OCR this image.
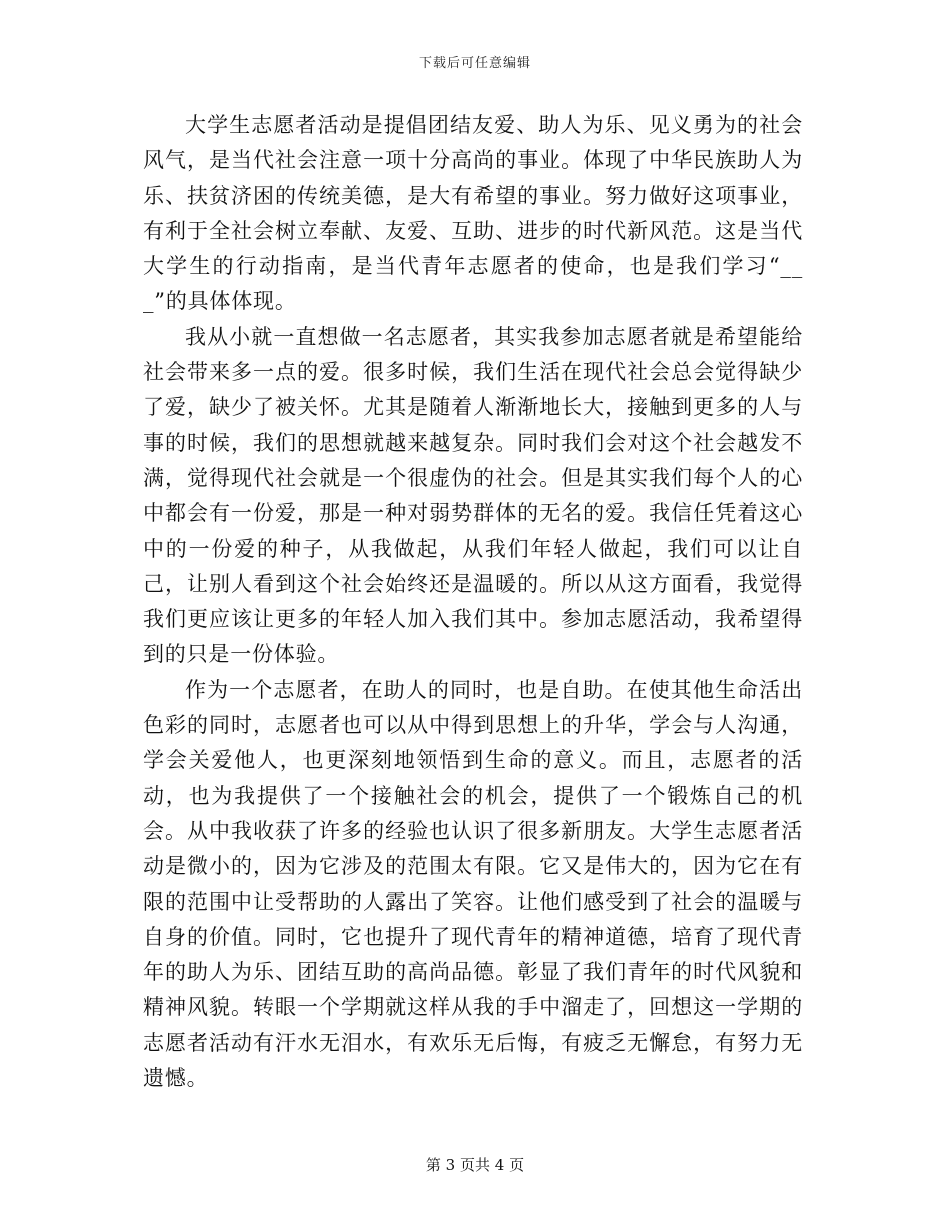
下载后可任意编辑

大学生志愿者活动是提倡团结友爱、助人为乐、见义勇为的社会风气，是当代社会注意一项十分高尚的事业。体现了中华民族助人为乐、扶贫济困的传统美德，是大有希望的事业。努力做好这项事业，有利于全社会树立奉献、友爱、互助、进步的时代新风范。这是当代大学生的行动指南，是当代青年志愿者的使命，也是我们学习“___”的具体体现。

我从小就一直想做一名志愿者，其实我参加志愿者就是希望能给社会带来多一点的爱。很多时候，我们生活在现代社会总会觉得缺少了爱，缺少了被关怀。尤其是随着人渐渐地长大，接触到更多的人与事的时候，我们的思想就越来越复杂。同时我们会对这个社会越发不满，觉得现代社会就是一个很虚伪的社会。但是其实我们每个人的心中都会有一份爱，那是一种对弱势群体的无名的爱。我信任凭着这心中的一份爱的种子，从我做起，从我们年轻人做起，我们可以让自己，让别人看到这个社会始终还是温暖的。所以从这方面看，我觉得我们更应该让更多的年轻人加入我们其中。参加志愿活动，我希望得到的只是一份体验。

作为一个志愿者，在助人的同时，也是自助。在使其他生命活出色彩的同时，志愿者也可以从中得到思想上的升华，学会与人沟通，学会关爱他人，也更深刻地领悟到生命的意义。而且，志愿者的活动，也为我提供了一个接触社会的机会，提供了一个锻炼自己的机会。从中我收获了许多的经验也认识了很多新朋友。大学生志愿者活动是微小的，因为它涉及的范围太有限。它又是伟大的，因为它在有限的范围中让受帮助的人露出了笑容。让他们感受到了社会的温暖与自身的价值。同时，它也提升了现代青年的精神道德，培育了现代青年的助人为乐、团结互助的高尚品德。彰显了我们青年的时代风貌和精神风貌。转眼一个学期就这样从我的手中溜走了，回想这一学期的志愿者活动有汗水无泪水，有欢乐无后悔，有疲乏无懈怠，有努力无遗憾。

第 3 页共 4 页
